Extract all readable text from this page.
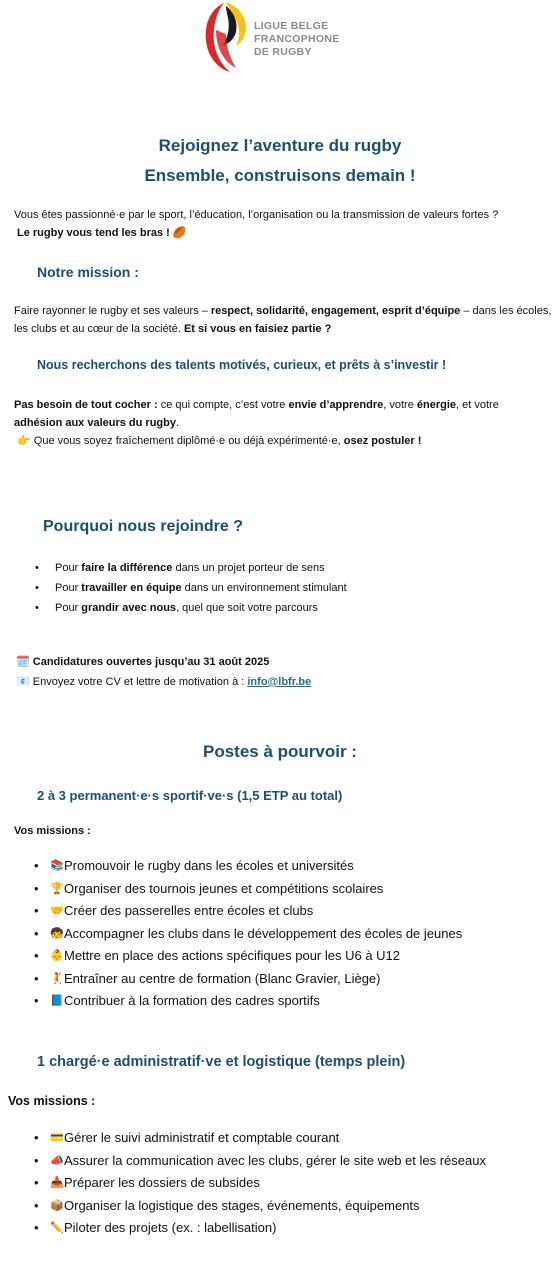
LIGUE BELGE
FRANCOPHONE
DE RUGBY
Rejoignez l’aventure du rugby
Ensemble, construisons demain !
Vous êtes passionné·e par le sport, l’éducation, l’organisation ou la transmission de valeurs fortes ?
Le rugby vous tend les bras ! 🏉
Notre mission :
Faire rayonner le rugby et ses valeurs – respect, solidarité, engagement, esprit d’équipe – dans les écoles, les clubs et au cœur de la société. Et si vous en faisiez partie ?
Nous recherchons des talents motivés, curieux, et prêts à s’investir !
Pas besoin de tout cocher : ce qui compte, c’est votre envie d’apprendre, votre énergie, et votre
adhésion aux valeurs du rugby.
👉 Que vous soyez fraîchement diplômé·e ou déjà expérimenté·e, osez postuler !
Pourquoi nous rejoindre ?
• Pour faire la différence dans un projet porteur de sens
• Pour travailler en équipe dans un environnement stimulant
• Pour grandir avec nous, quel que soit votre parcours
🗓️ Candidatures ouvertes jusqu’au 31 août 2025
📧 Envoyez votre CV et lettre de motivation à : info@lbfr.be
Postes à pourvoir :
2 à 3 permanent·e·s sportif·ve·s (1,5 ETP au total)
Vos missions :
• 📚 Promouvoir le rugby dans les écoles et universités
• 🏆 Organiser des tournois jeunes et compétitions scolaires
• 🤝 Créer des passerelles entre écoles et clubs
• 🧒 Accompagner les clubs dans le développement des écoles de jeunes
• 👶 Mettre en place des actions spécifiques pour les U6 à U12
• 🤾 Entraîner au centre de formation (Blanc Gravier, Liège)
• 📘 Contribuer à la formation des cadres sportifs
1 chargé·e administratif·ve et logistique (temps plein)
Vos missions :
• 💳 Gérer le suivi administratif et comptable courant
• 📣 Assurer la communication avec les clubs, gérer le site web et les réseaux
• 📥 Préparer les dossiers de subsides
• 📦 Organiser la logistique des stages, événements, équipements
• ✏️ Piloter des projets (ex. : labellisation)
